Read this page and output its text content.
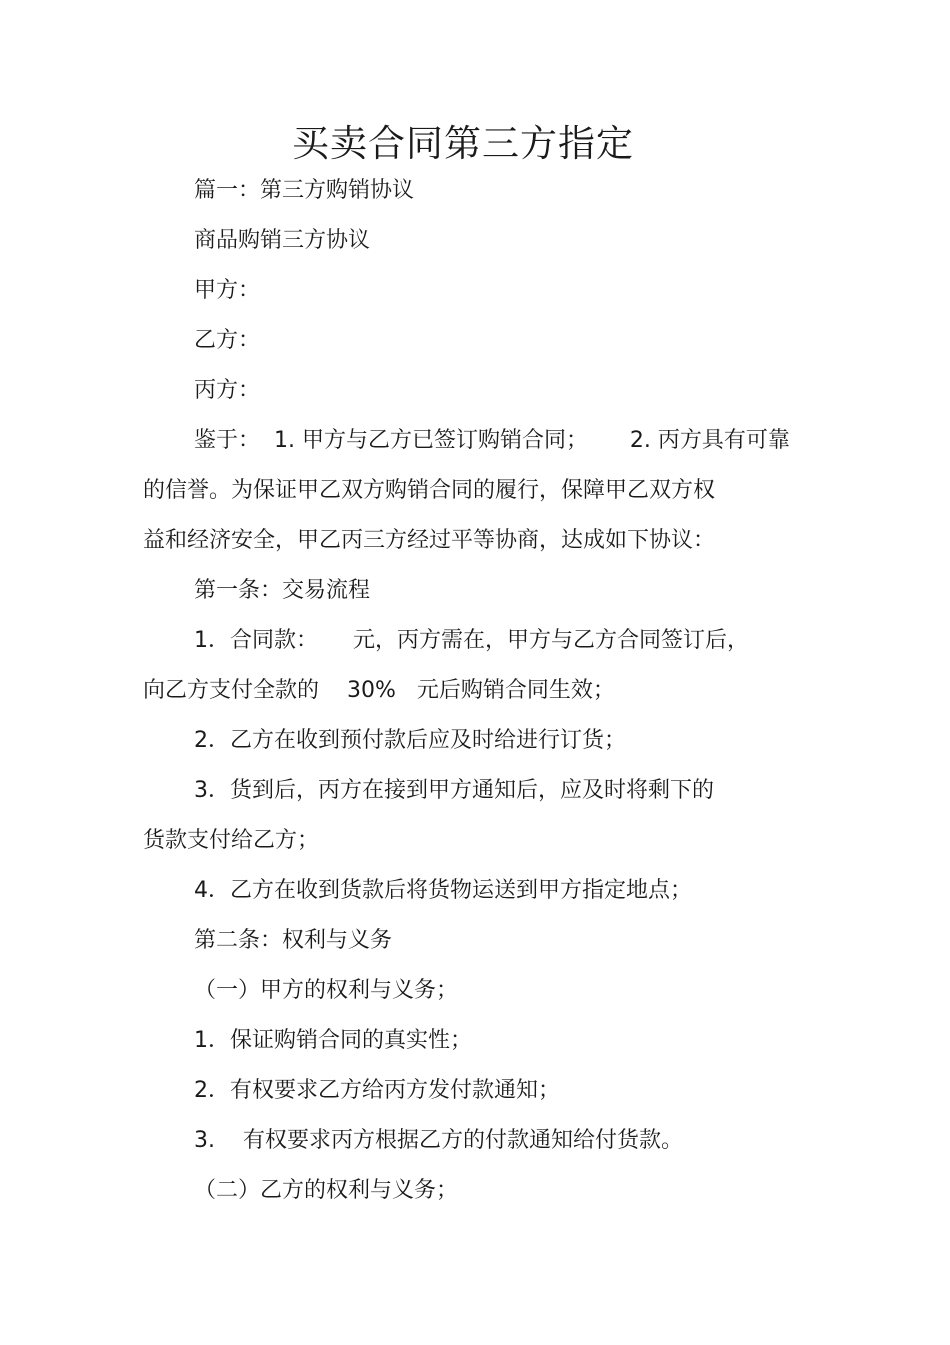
买卖合同第三方指定
篇一：第三方购销协议
商品购销三方协议
甲方：
乙方：
丙方：
鉴于：  1. 甲方与乙方已签订购销合同；      2. 丙方具有可靠
的信誉。为保证甲乙双方购销合同的履行，保障甲乙双方权
益和经济安全，甲乙丙三方经过平等协商，达成如下协议：
第一条：交易流程
1．合同款：     元，丙方需在，甲方与乙方合同签订后，
向乙方支付全款的    30%   元后购销合同生效；
2．乙方在收到预付款后应及时给进行订货；
3．货到后，丙方在接到甲方通知后，应及时将剩下的
货款支付给乙方；
4．乙方在收到货款后将货物运送到甲方指定地点；
第二条：权利与义务
（一）甲方的权利与义务；
1．保证购销合同的真实性；
2．有权要求乙方给丙方发付款通知；
3.    有权要求丙方根据乙方的付款通知给付货款。
（二）乙方的权利与义务；
